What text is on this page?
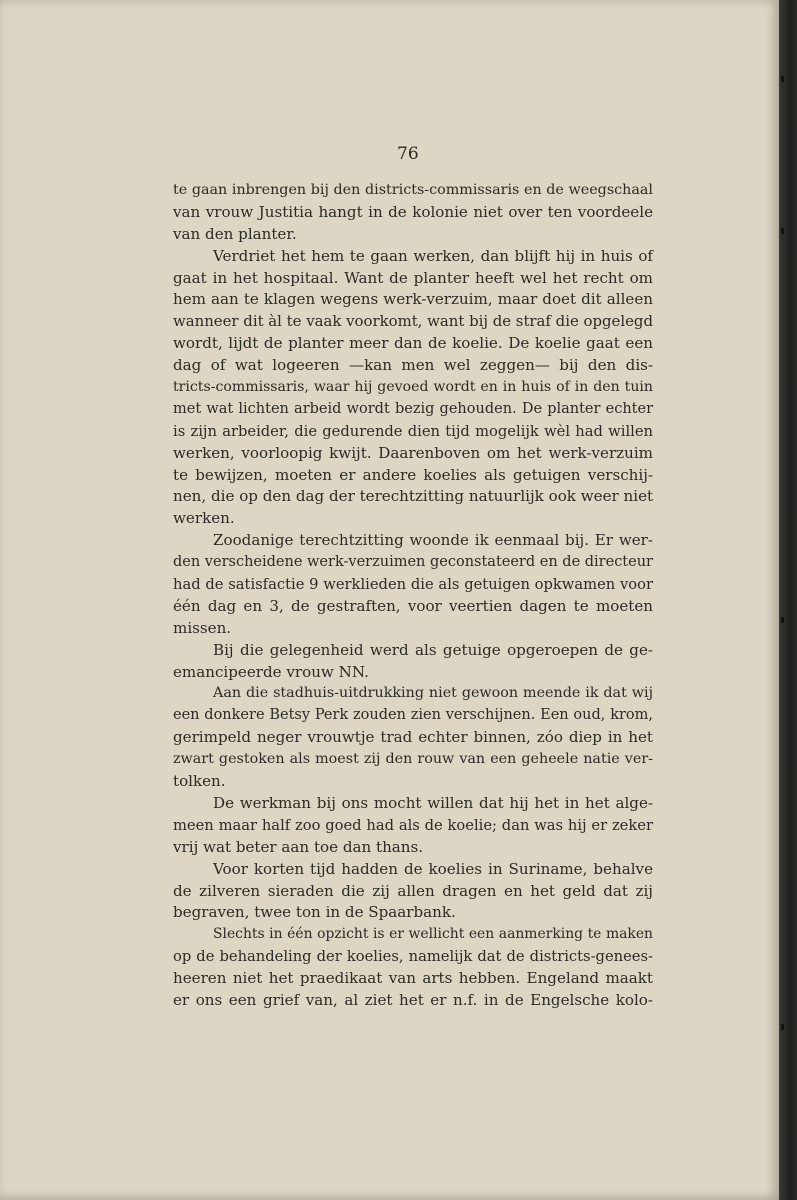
76
te gaan inbrengen bij den districts-commissaris en de weegschaal
van vrouw Justitia hangt in de kolonie niet over ten voordeele
van den planter.
Verdriet het hem te gaan werken, dan blijft hij in huis of
gaat in het hospitaal. Want de planter heeft wel het recht om
hem aan te klagen wegens werk-verzuim, maar doet dit alleen
wanneer dit àl te vaak voorkomt, want bij de straf die opgelegd
wordt, lijdt de planter meer dan de koelie. De koelie gaat een
dag of wat logeeren —kan men wel zeggen— bij den dis-
tricts-commissaris, waar hij gevoed wordt en in huis of in den tuin
met wat lichten arbeid wordt bezig gehouden. De planter echter
is zijn arbeider, die gedurende dien tijd mogelijk wèl had willen
werken, voorloopig kwijt. Daarenboven om het werk-verzuim
te bewijzen, moeten er andere koelies als getuigen verschij-
nen, die op den dag der terechtzitting natuurlijk ook weer niet
werken.
Zoodanige terechtzitting woonde ik eenmaal bij. Er wer-
den verscheidene werk-verzuimen geconstateerd en de directeur
had de satisfactie 9 werklieden die als getuigen opkwamen voor
één dag en 3, de gestraften, voor veertien dagen te moeten
missen.
Bij die gelegenheid werd als getuige opgeroepen de ge-
emancipeerde vrouw NN.
Aan die stadhuis-uitdrukking niet gewoon meende ik dat wij
een donkere Betsy Perk zouden zien verschijnen. Een oud, krom,
gerimpeld neger vrouwtje trad echter binnen, zóo diep in het
zwart gestoken als moest zij den rouw van een geheele natie ver-
tolken.
De werkman bij ons mocht willen dat hij het in het alge-
meen maar half zoo goed had als de koelie; dan was hij er zeker
vrij wat beter aan toe dan thans.
Voor korten tijd hadden de koelies in Suriname, behalve
de zilveren sieraden die zij allen dragen en het geld dat zij
begraven, twee ton in de Spaarbank.
Slechts in één opzicht is er wellicht een aanmerking te maken
op de behandeling der koelies, namelijk dat de districts-genees-
heeren niet het praedikaat van arts hebben. Engeland maakt
er ons een grief van, al ziet het er n.f. in de Engelsche kolo-
